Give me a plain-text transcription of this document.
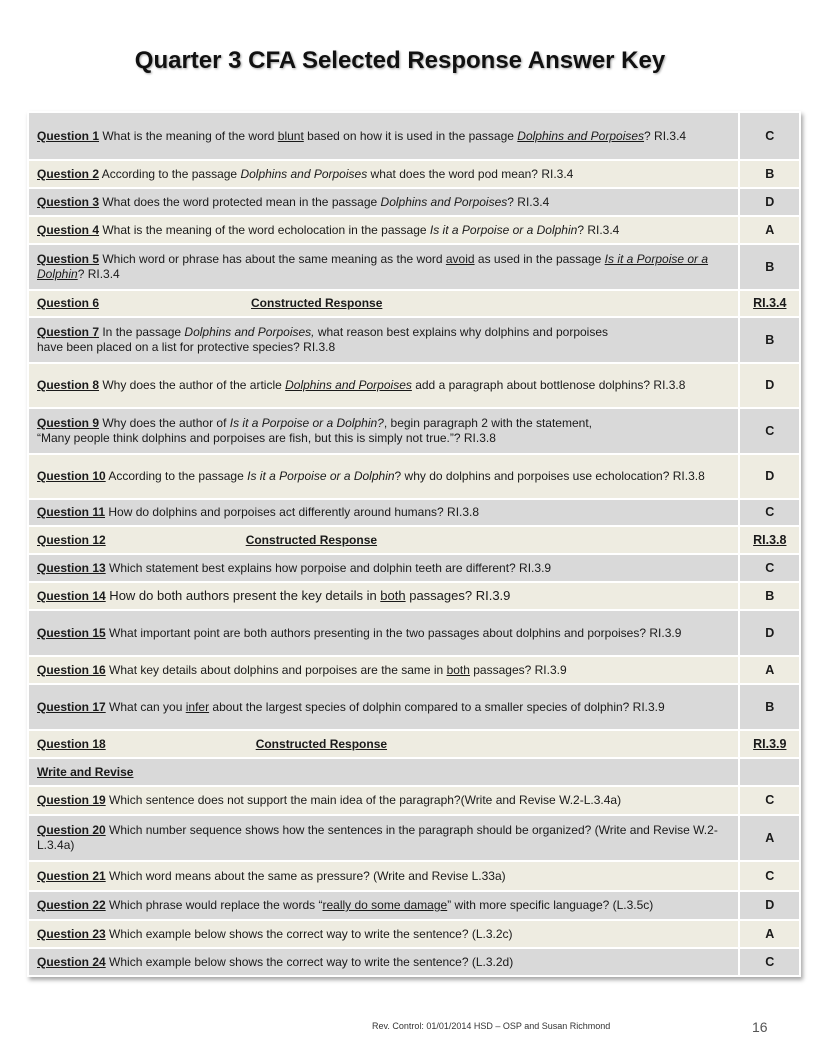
Quarter 3 CFA Selected Response Answer Key
Question 1 What is the meaning of the word blunt based on how it is used in the passage Dolphins and Porpoises? RI.3.4	C
Question 2 According to the passage Dolphins and Porpoises what does the word pod mean? RI.3.4	B
Question 3 What does the word protected mean in the passage Dolphins and Porpoises? RI.3.4	D
Question 4 What is the meaning of the word echolocation in the passage Is it a Porpoise or a Dolphin? RI.3.4	A
Question 5 Which word or phrase has about the same meaning as the word avoid as used in the passage Is it a Porpoise or a Dolphin? RI.3.4	B
Question 6 Constructed Response	RI.3.4
Question 7 In the passage Dolphins and Porpoises, what reason best explains why dolphins and porpoises
have been placed on a list for protective species? RI.3.8	B
Question 8 Why does the author of the article Dolphins and Porpoises add a paragraph about bottlenose dolphins? RI.3.8	D
Question 9 Why does the author of Is it a Porpoise or a Dolphin?, begin paragraph 2 with the statement,
“Many people think dolphins and porpoises are fish, but this is simply not true.”? RI.3.8	C
Question 10 According to the passage Is it a Porpoise or a Dolphin? why do dolphins and porpoises use echolocation? RI.3.8	D
Question 11 How do dolphins and porpoises act differently around humans? RI.3.8	C
Question 12 Constructed Response	RI.3.8
Question 13 Which statement best explains how porpoise and dolphin teeth are different? RI.3.9	C
Question 14 How do both authors present the key details in both passages? RI.3.9	B
Question 15 What important point are both authors presenting in the two passages about dolphins and porpoises? RI.3.9	D
Question 16 What key details about dolphins and porpoises are the same in both passages? RI.3.9	A
Question 17 What can you infer about the largest species of dolphin compared to a smaller species of dolphin? RI.3.9	B
Question 18 Constructed Response	RI.3.9
Write and Revise	
Question 19 Which sentence does not support the main idea of the paragraph?(Write and Revise W.2-L.3.4a)	C
Question 20 Which number sequence shows how the sentences in the paragraph should be organized? (Write and Revise W.2-L.3.4a)	A
Question 21 Which word means about the same as pressure? (Write and Revise L.33a)	C
Question 22 Which phrase would replace the words “really do some damage” with more specific language? (L.3.5c)	D
Question 23 Which example below shows the correct way to write the sentence? (L.3.2c)	A
Question 24 Which example below shows the correct way to write the sentence? (L.3.2d)	C
Rev. Control: 01/01/2014 HSD – OSP and Susan Richmond	16
